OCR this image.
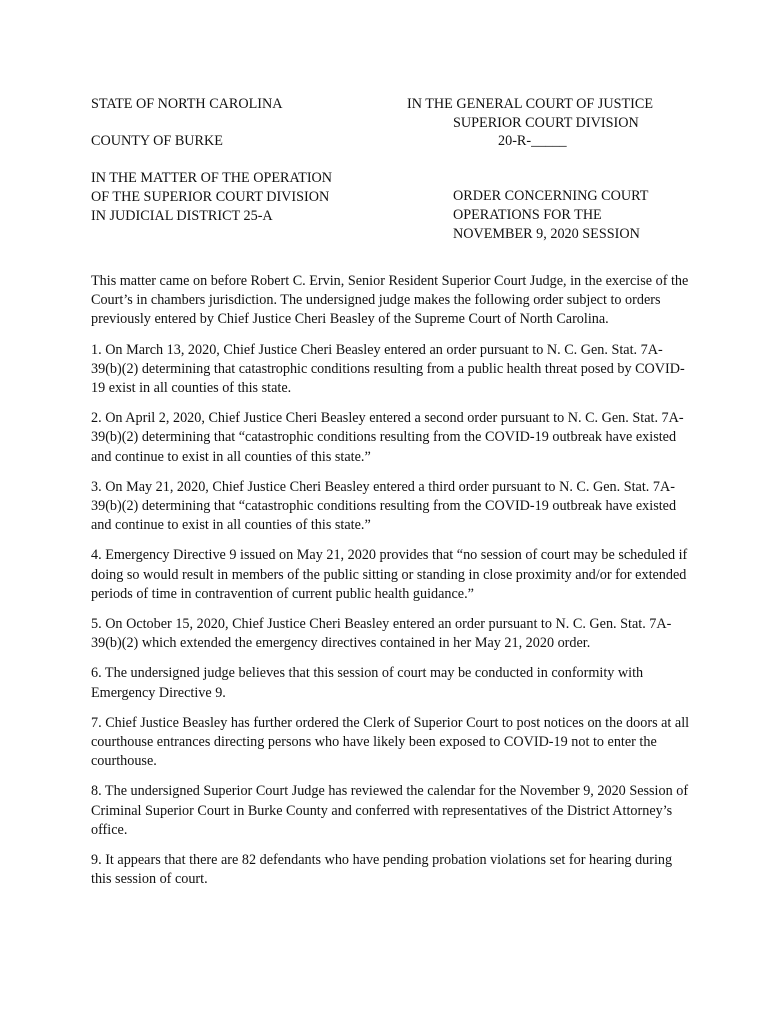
STATE OF NORTH CAROLINA
COUNTY OF BURKE
IN THE GENERAL COURT OF JUSTICE
SUPERIOR COURT DIVISION
20-R-_____
IN THE MATTER OF THE OPERATION
OF THE SUPERIOR COURT DIVISION
IN JUDICIAL DISTRICT 25-A
ORDER CONCERNING COURT
OPERATIONS FOR THE
NOVEMBER 9, 2020 SESSION

This matter came on before Robert C. Ervin, Senior Resident Superior Court Judge, in the exercise of the Court’s in chambers jurisdiction. The undersigned judge makes the following order subject to orders previously entered by Chief Justice Cheri Beasley of the Supreme Court of North Carolina.

1. On March 13, 2020, Chief Justice Cheri Beasley entered an order pursuant to N. C. Gen. Stat. 7A-39(b)(2) determining that catastrophic conditions resulting from a public health threat posed by COVID-19 exist in all counties of this state.

2. On April 2, 2020, Chief Justice Cheri Beasley entered a second order pursuant to N. C. Gen. Stat. 7A-39(b)(2) determining that “catastrophic conditions resulting from the COVID-19 outbreak have existed and continue to exist in all counties of this state.”

3. On May 21, 2020, Chief Justice Cheri Beasley entered a third order pursuant to N. C. Gen. Stat. 7A-39(b)(2) determining that “catastrophic conditions resulting from the COVID-19 outbreak have existed and continue to exist in all counties of this state.”

4. Emergency Directive 9 issued on May 21, 2020 provides that “no session of court may be scheduled if doing so would result in members of the public sitting or standing in close proximity and/or for extended periods of time in contravention of current public health guidance.”

5. On October 15, 2020, Chief Justice Cheri Beasley entered an order pursuant to N. C. Gen. Stat. 7A-39(b)(2) which extended the emergency directives contained in her May 21, 2020 order.

6. The undersigned judge believes that this session of court may be conducted in conformity with Emergency Directive 9.

7. Chief Justice Beasley has further ordered the Clerk of Superior Court to post notices on the doors at all courthouse entrances directing persons who have likely been exposed to COVID-19 not to enter the courthouse.

8. The undersigned Superior Court Judge has reviewed the calendar for the November 9, 2020 Session of Criminal Superior Court in Burke County and conferred with representatives of the District Attorney’s office.

9. It appears that there are 82 defendants who have pending probation violations set for hearing during this session of court.
